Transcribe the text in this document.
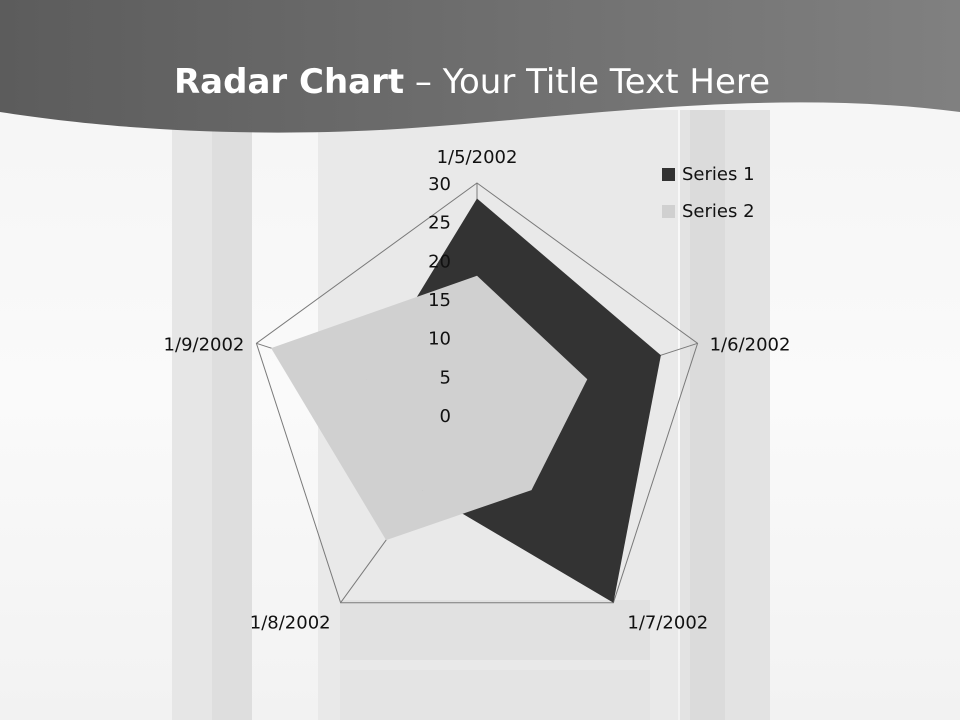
Radar Chart – Your Title Text Here
0
5
10
15
20
25
30
1/5/2002
1/6/2002
1/7/2002
1/8/2002
1/9/2002
Series 1
Series 2
